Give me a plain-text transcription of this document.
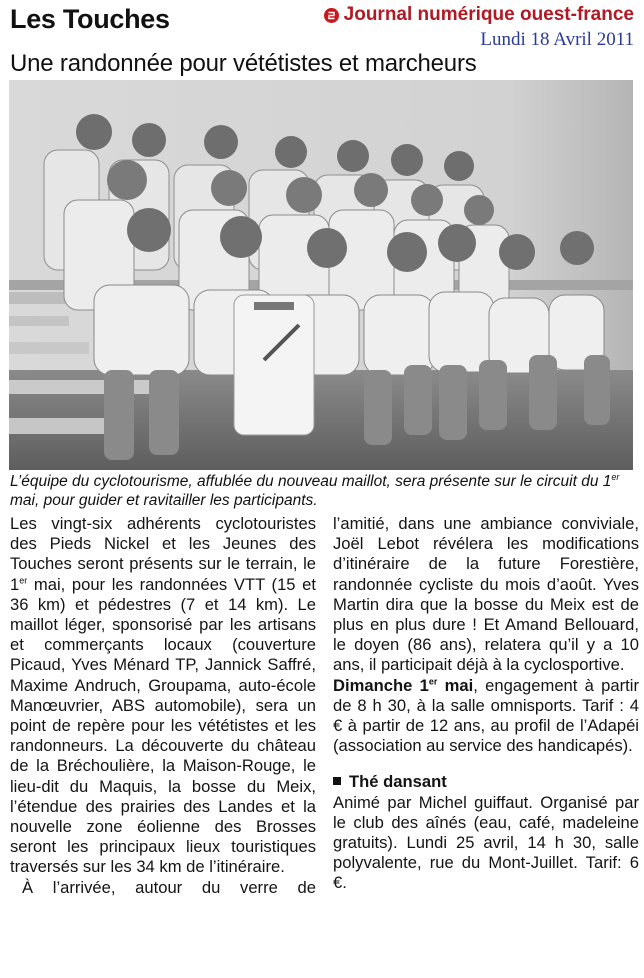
Les Touches	Journal numérique ouest-france
Lundi 18 Avril 2011
Une randonnée pour vététistes et marcheurs
L’équipe du cyclotourisme, affublée du nouveau maillot, sera présente sur le circuit du 1er mai, pour guider et ravitailler les participants.

Les vingt-six adhérents cyclotouristes des Pieds Nickel et les Jeunes des Touches seront présents sur le terrain, le 1er mai, pour les randonnées VTT (15 et 36 km) et pédestres (7 et 14 km). Le maillot léger, sponsorisé par les artisans et commerçants locaux (couverture Picaud, Yves Ménard TP, Jannick Saffré, Maxime Andruch, Groupama, auto-école Manœuvrier, ABS automobile), sera un point de repère pour les vététistes et les randonneurs. La découverte du château de la Bréchoulière, la Maison-Rouge, le lieu-dit du Maquis, la bosse du Meix, l’étendue des prairies des Landes et la nouvelle zone éolienne des Brosses seront les principaux lieux touristiques traversés sur les 34 km de l’itinéraire.

À l’arrivée, autour du verre de

l’amitié, dans une ambiance conviviale, Joël Lebot révélera les modifications d’itinéraire de la future Forestière, randonnée cycliste du mois d’août. Yves Martin dira que la bosse du Meix est de plus en plus dure ! Et Amand Bellouard, le doyen (86 ans), relatera qu’il y a 10 ans, il participait déjà à la cyclosportive.

Dimanche 1er mai, engagement à partir de 8 h 30, à la salle omnisports. Tarif : 4 € à partir de 12 ans, au profil de l’Adapéi (association au service des handicapés).

Thé dansant

Animé par Michel guiffaut. Organisé par le club des aînés (eau, café, madeleine gratuits). Lundi 25 avril, 14 h 30, salle polyvalente, rue du Mont-Juillet. Tarif: 6 €.
